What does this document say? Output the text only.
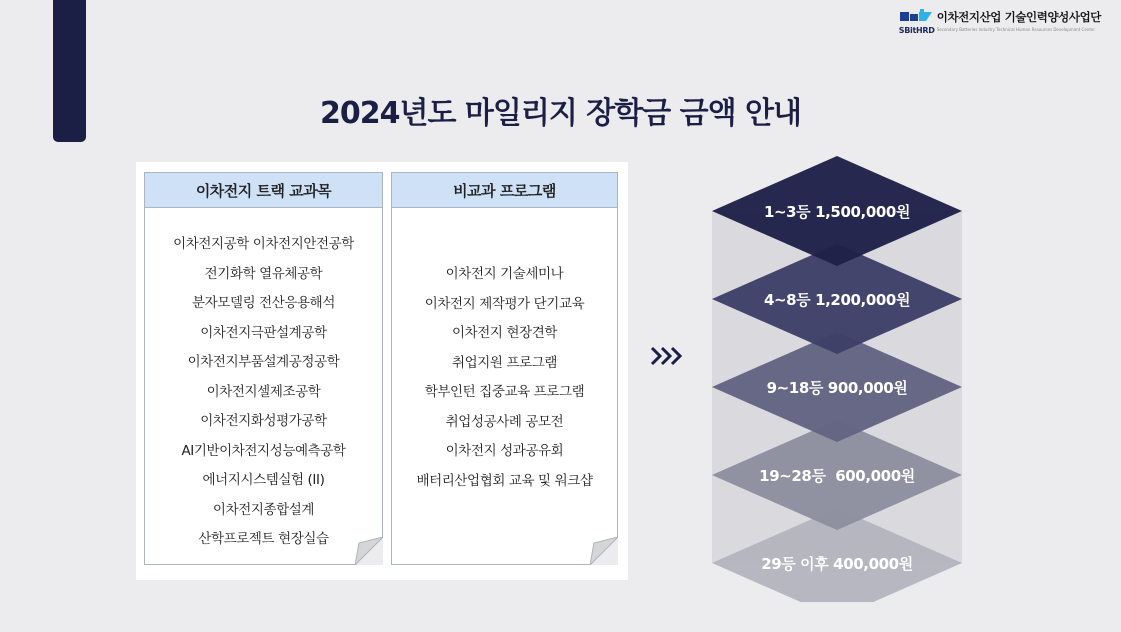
SBitHRD
이차전지산업 기술인력양성사업단
Secondary Batteries Industry Technical Human Resources Development Center
2024년도 마일리지 장학금 금액 안내
이차전지 트랙 교과목
이차전지공학 이차전지안전공학
전기화학 열유체공학
분자모델링 전산응용해석
이차전지극판설계공학
이차전지부품설계공정공학
이차전지셀제조공학
이차전지화성평가공학
AI기반이차전지성능예측공학
에너지시스템실험 (II)
이차전지종합설계
산학프로젝트 현장실습
비교과 프로그램
이차전지 기술세미나
이차전지 제작평가 단기교육
이차전지 현장견학
취업지원 프로그램
학부인턴 집중교육 프로그램
취업성공사례 공모전
이차전지 성과공유회
배터리산업협회 교육 및 워크샵
1~3등 1,500,000원
4~8등 1,200,000원
9~18등 900,000원
19~28등  600,000원
29등 이후 400,000원
